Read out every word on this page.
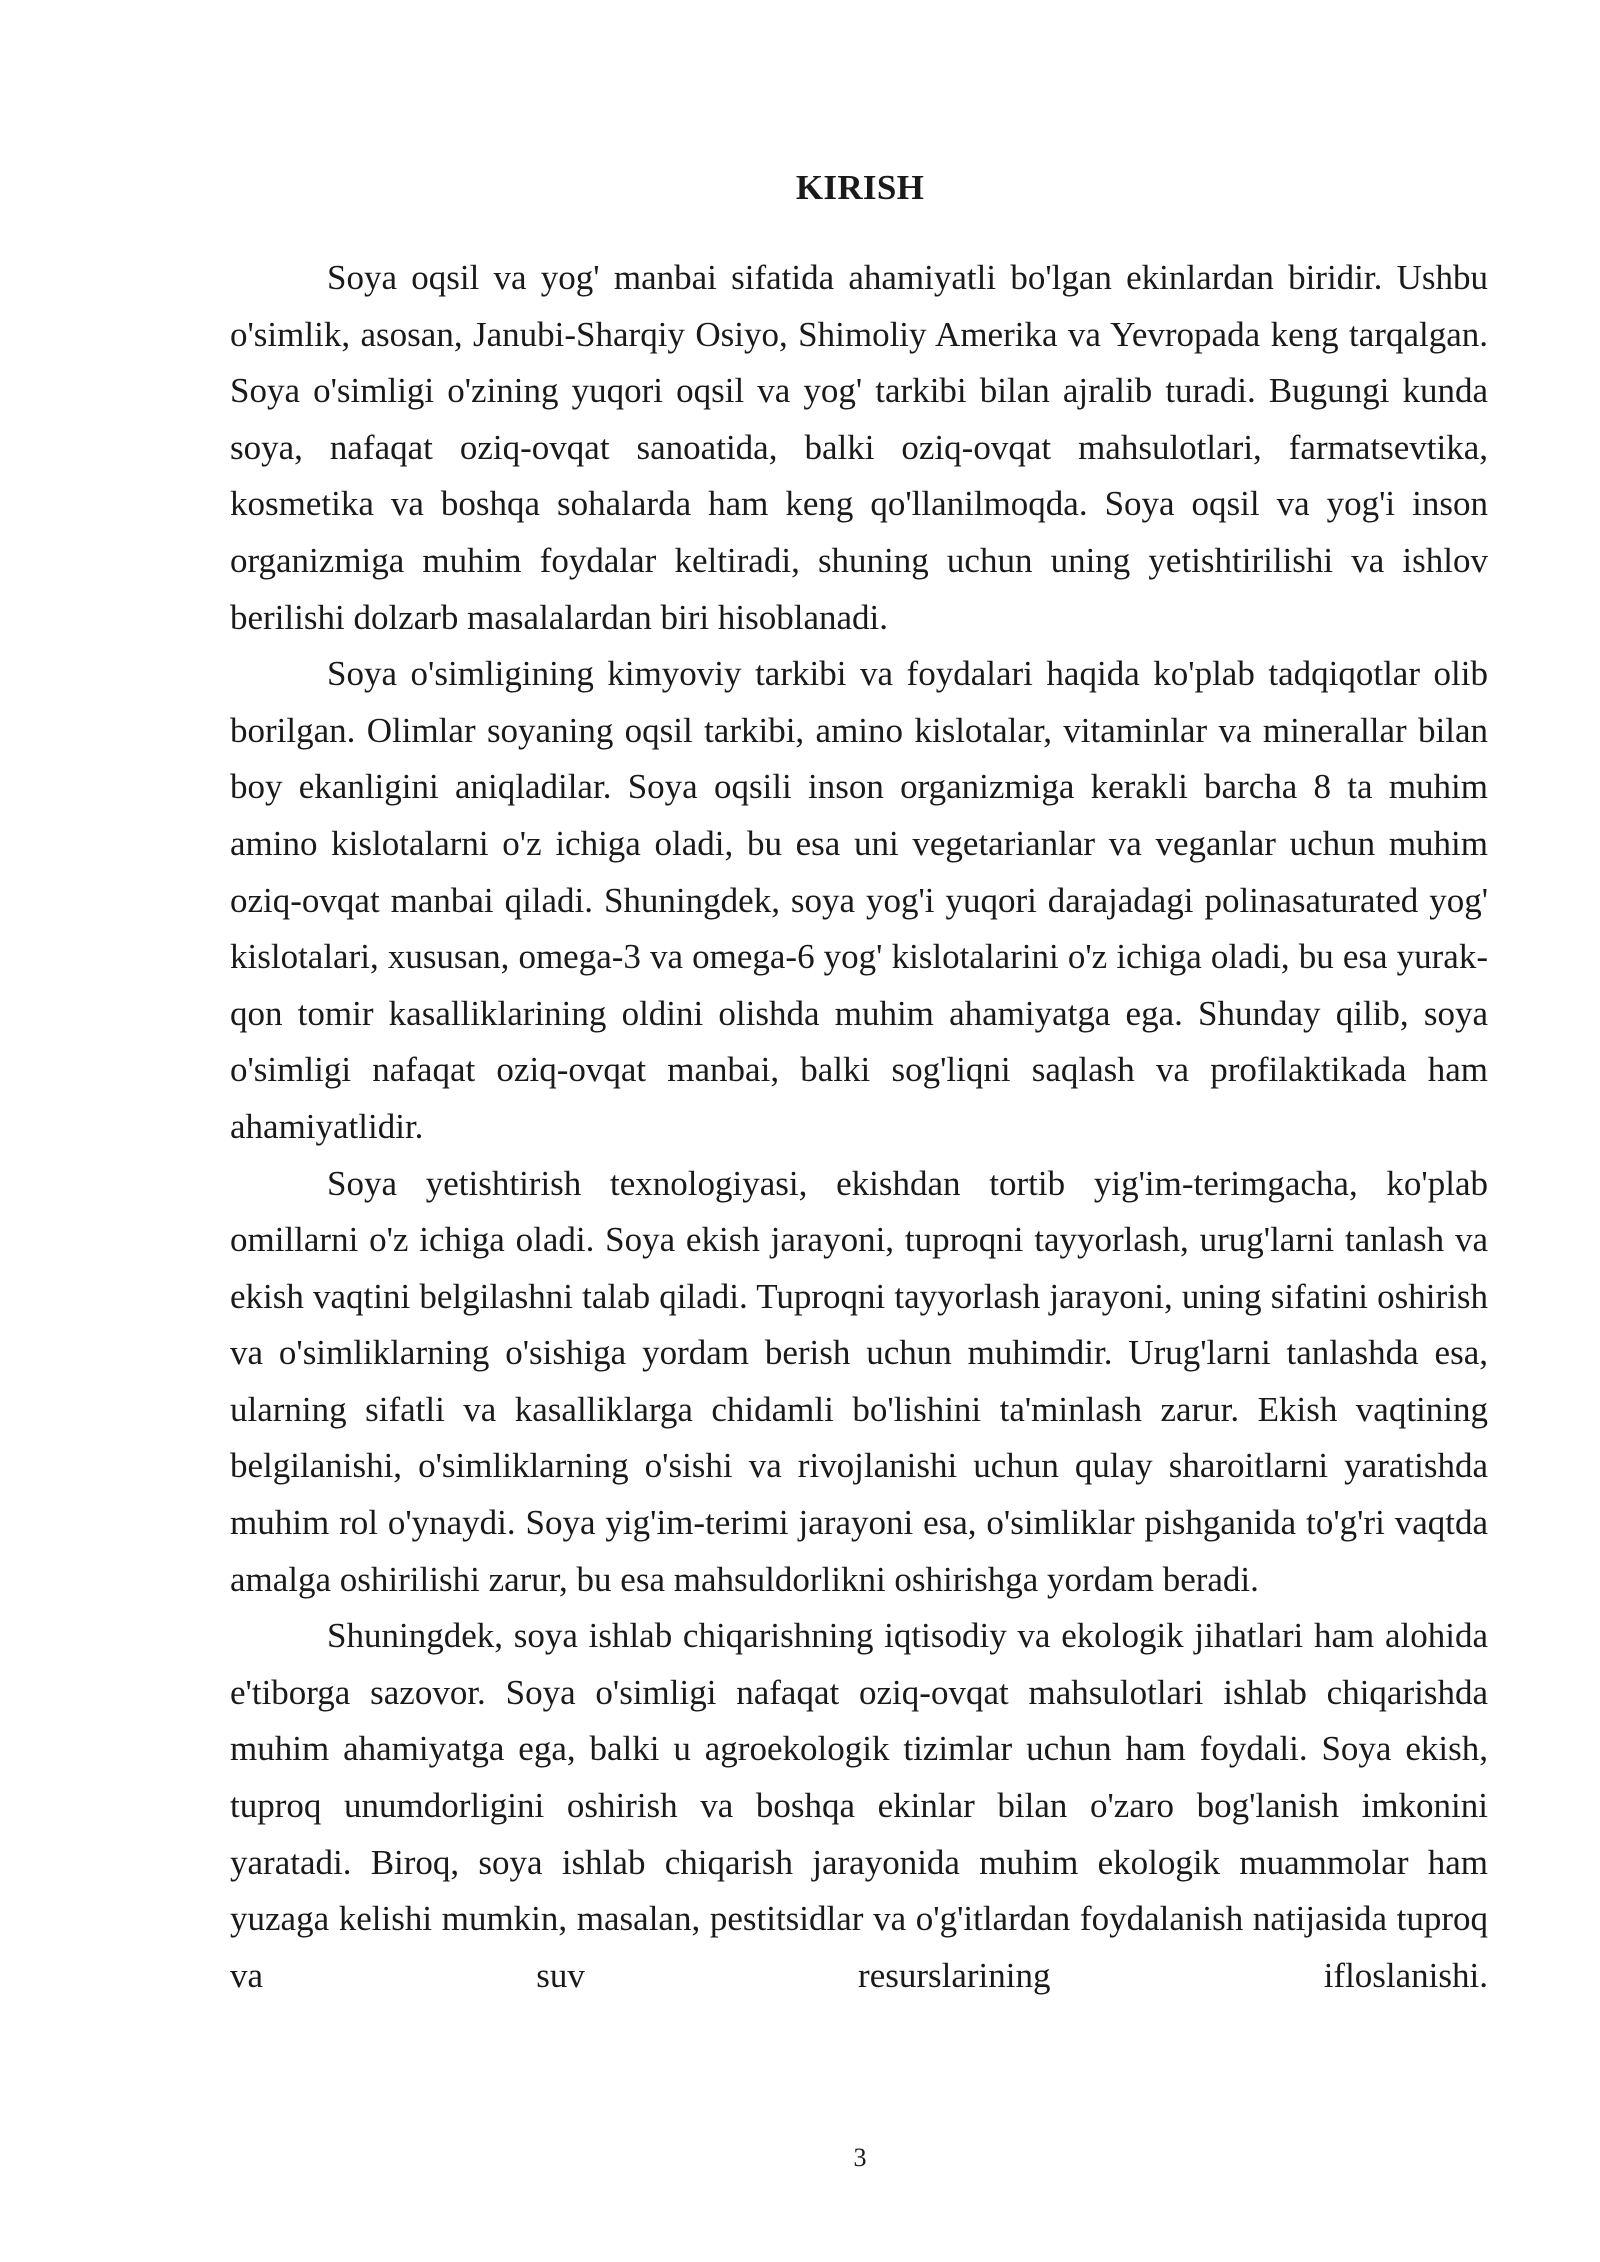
KIRISH

Soya oqsil va yog' manbai sifatida ahamiyatli bo'lgan ekinlardan biridir. Ushbu o'simlik, asosan, Janubi-Sharqiy Osiyo, Shimoliy Amerika va Yevropada keng tarqalgan. Soya o'simligi o'zining yuqori oqsil va yog' tarkibi bilan ajralib turadi. Bugungi kunda soya, nafaqat oziq-ovqat sanoatida, balki oziq-ovqat mahsulotlari, farmatsevtika, kosmetika va boshqa sohalarda ham keng qo'llanilmoqda. Soya oqsil va yog'i inson organizmiga muhim foydalar keltiradi, shuning uchun uning yetishtirilishi va ishlov berilishi dolzarb masalalardan biri hisoblanadi.

Soya o'simligining kimyoviy tarkibi va foydalari haqida ko'plab tadqiqotlar olib borilgan. Olimlar soyaning oqsil tarkibi, amino kislotalar, vitaminlar va minerallar bilan boy ekanligini aniqladilar. Soya oqsili inson organizmiga kerakli barcha 8 ta muhim amino kislotalarni o'z ichiga oladi, bu esa uni vegetarianlar va veganlar uchun muhim oziq-ovqat manbai qiladi. Shuningdek, soya yog'i yuqori darajadagi polinasaturated yog' kislotalari, xususan, omega-3 va omega-6 yog' kislotalarini o'z ichiga oladi, bu esa yurak-qon tomir kasalliklarining oldini olishda muhim ahamiyatga ega. Shunday qilib, soya o'simligi nafaqat oziq-ovqat manbai, balki sog'liqni saqlash va profilaktikada ham ahamiyatlidir.

Soya yetishtirish texnologiyasi, ekishdan tortib yig'im-terimgacha, ko'plab omillarni o'z ichiga oladi. Soya ekish jarayoni, tuproqni tayyorlash, urug'larni tanlash va ekish vaqtini belgilashni talab qiladi. Tuproqni tayyorlash jarayoni, uning sifatini oshirish va o'simliklarning o'sishiga yordam berish uchun muhimdir. Urug'larni tanlashda esa, ularning sifatli va kasalliklarga chidamli bo'lishini ta'minlash zarur. Ekish vaqtining belgilanishi, o'simliklarning o'sishi va rivojlanishi uchun qulay sharoitlarni yaratishda muhim rol o'ynaydi. Soya yig'im-terimi jarayoni esa, o'simliklar pishganida to'g'ri vaqtda amalga oshirilishi zarur, bu esa mahsuldorlikni oshirishga yordam beradi.

Shuningdek, soya ishlab chiqarishning iqtisodiy va ekologik jihatlari ham alohida e'tiborga sazovor. Soya o'simligi nafaqat oziq-ovqat mahsulotlari ishlab chiqarishda muhim ahamiyatga ega, balki u agroekologik tizimlar uchun ham foydali. Soya ekish, tuproq unumdorligini oshirish va boshqa ekinlar bilan o'zaro bog'lanish imkonini yaratadi. Biroq, soya ishlab chiqarish jarayonida muhim ekologik muammolar ham yuzaga kelishi mumkin, masalan, pestitsidlar va o'g'itlardan foydalanish natijasida tuproq va suv resurslarining ifloslanishi.

3
